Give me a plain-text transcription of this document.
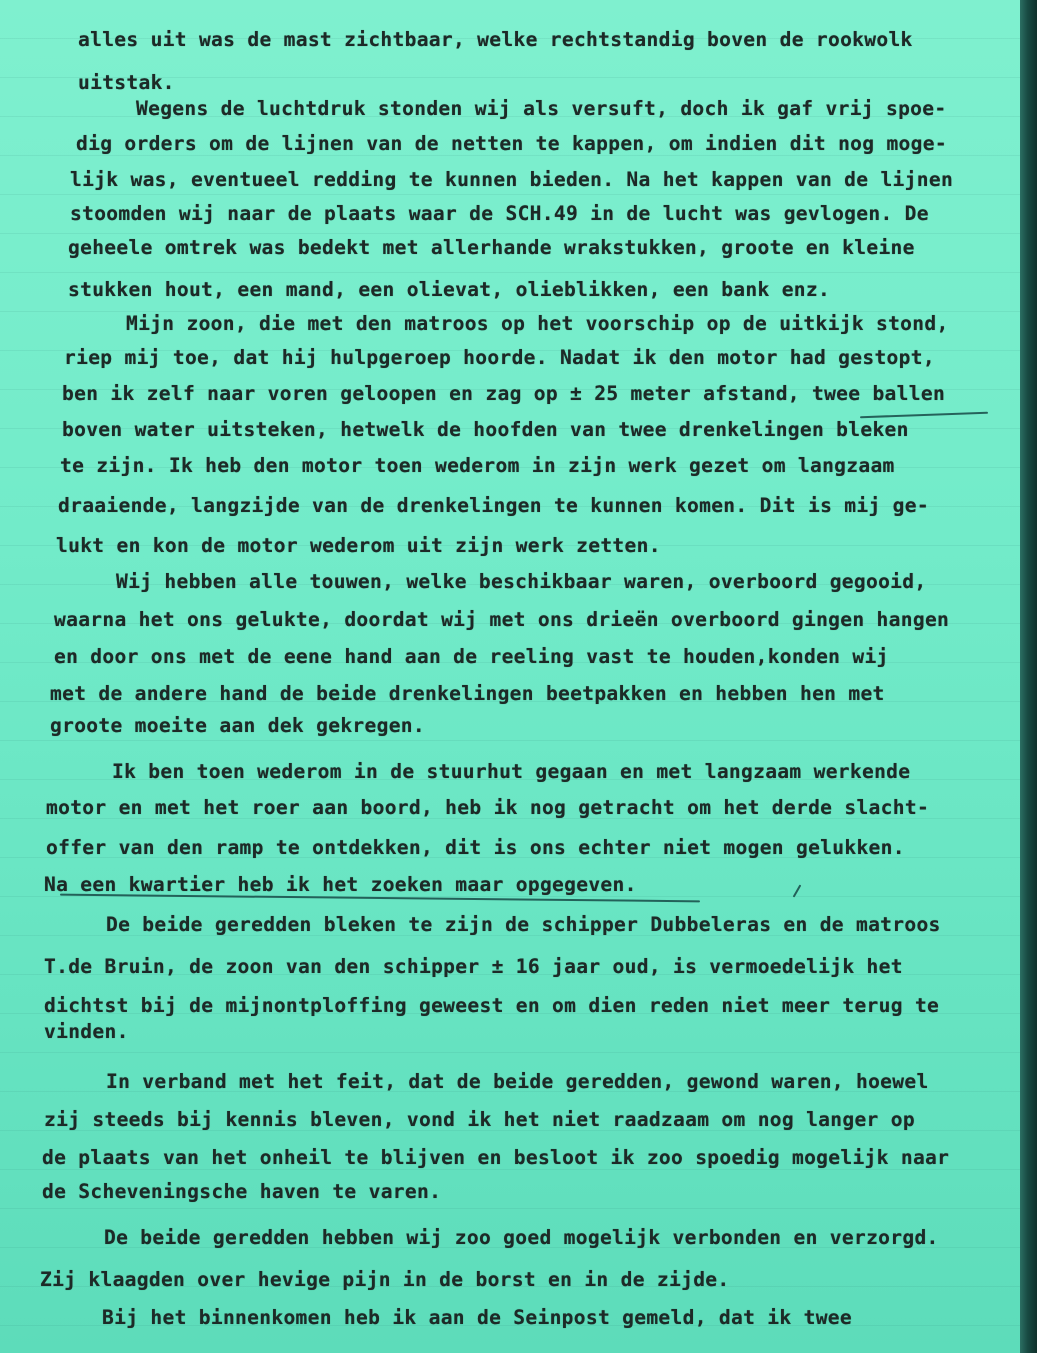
alles uit was de mast zichtbaar, welke rechtstandig boven de rookwolk
uitstak.
Wegens de luchtdruk stonden wij als versuft, doch ik gaf vrij spoe-
dig orders om de lijnen van de netten te kappen, om indien dit nog moge-
lijk was, eventueel redding te kunnen bieden. Na het kappen van de lijnen
stoomden wij naar de plaats waar de SCH.49 in de lucht was gevlogen. De
geheele omtrek was bedekt met allerhande wrakstukken, groote en kleine
stukken hout, een mand, een olievat, olieblikken, een bank enz.
Mijn zoon, die met den matroos op het voorschip op de uitkijk stond,
riep mij toe, dat hij hulpgeroep hoorde. Nadat ik den motor had gestopt,
ben ik zelf naar voren geloopen en zag op ± 25 meter afstand, twee ballen
boven water uitsteken, hetwelk de hoofden van twee drenkelingen bleken
te zijn. Ik heb den motor toen wederom in zijn werk gezet om langzaam
draaiende, langzijde van de drenkelingen te kunnen komen. Dit is mij ge-
lukt en kon de motor wederom uit zijn werk zetten.
Wij hebben alle touwen, welke beschikbaar waren, overboord gegooid,
waarna het ons gelukte, doordat wij met ons drieën overboord gingen hangen
en door ons met de eene hand aan de reeling vast te houden,konden wij
met de andere hand de beide drenkelingen beetpakken en hebben hen met
groote moeite aan dek gekregen.
Ik ben toen wederom in de stuurhut gegaan en met langzaam werkende
motor en met het roer aan boord, heb ik nog getracht om het derde slacht-
offer van den ramp te ontdekken, dit is ons echter niet mogen gelukken.
Na een kwartier heb ik het zoeken maar opgegeven.
De beide geredden bleken te zijn de schipper Dubbeleras en de matroos
T.de Bruin, de zoon van den schipper ± 16 jaar oud, is vermoedelijk het
dichtst bij de mijnontploffing geweest en om dien reden niet meer terug te
vinden.
In verband met het feit, dat de beide geredden, gewond waren, hoewel
zij steeds bij kennis bleven, vond ik het niet raadzaam om nog langer op
de plaats van het onheil te blijven en besloot ik zoo spoedig mogelijk naar
de Scheveningsche haven te varen.
De beide geredden hebben wij zoo goed mogelijk verbonden en verzorgd.
Zij klaagden over hevige pijn in de borst en in de zijde.
Bij het binnenkomen heb ik aan de Seinpost gemeld, dat ik twee
